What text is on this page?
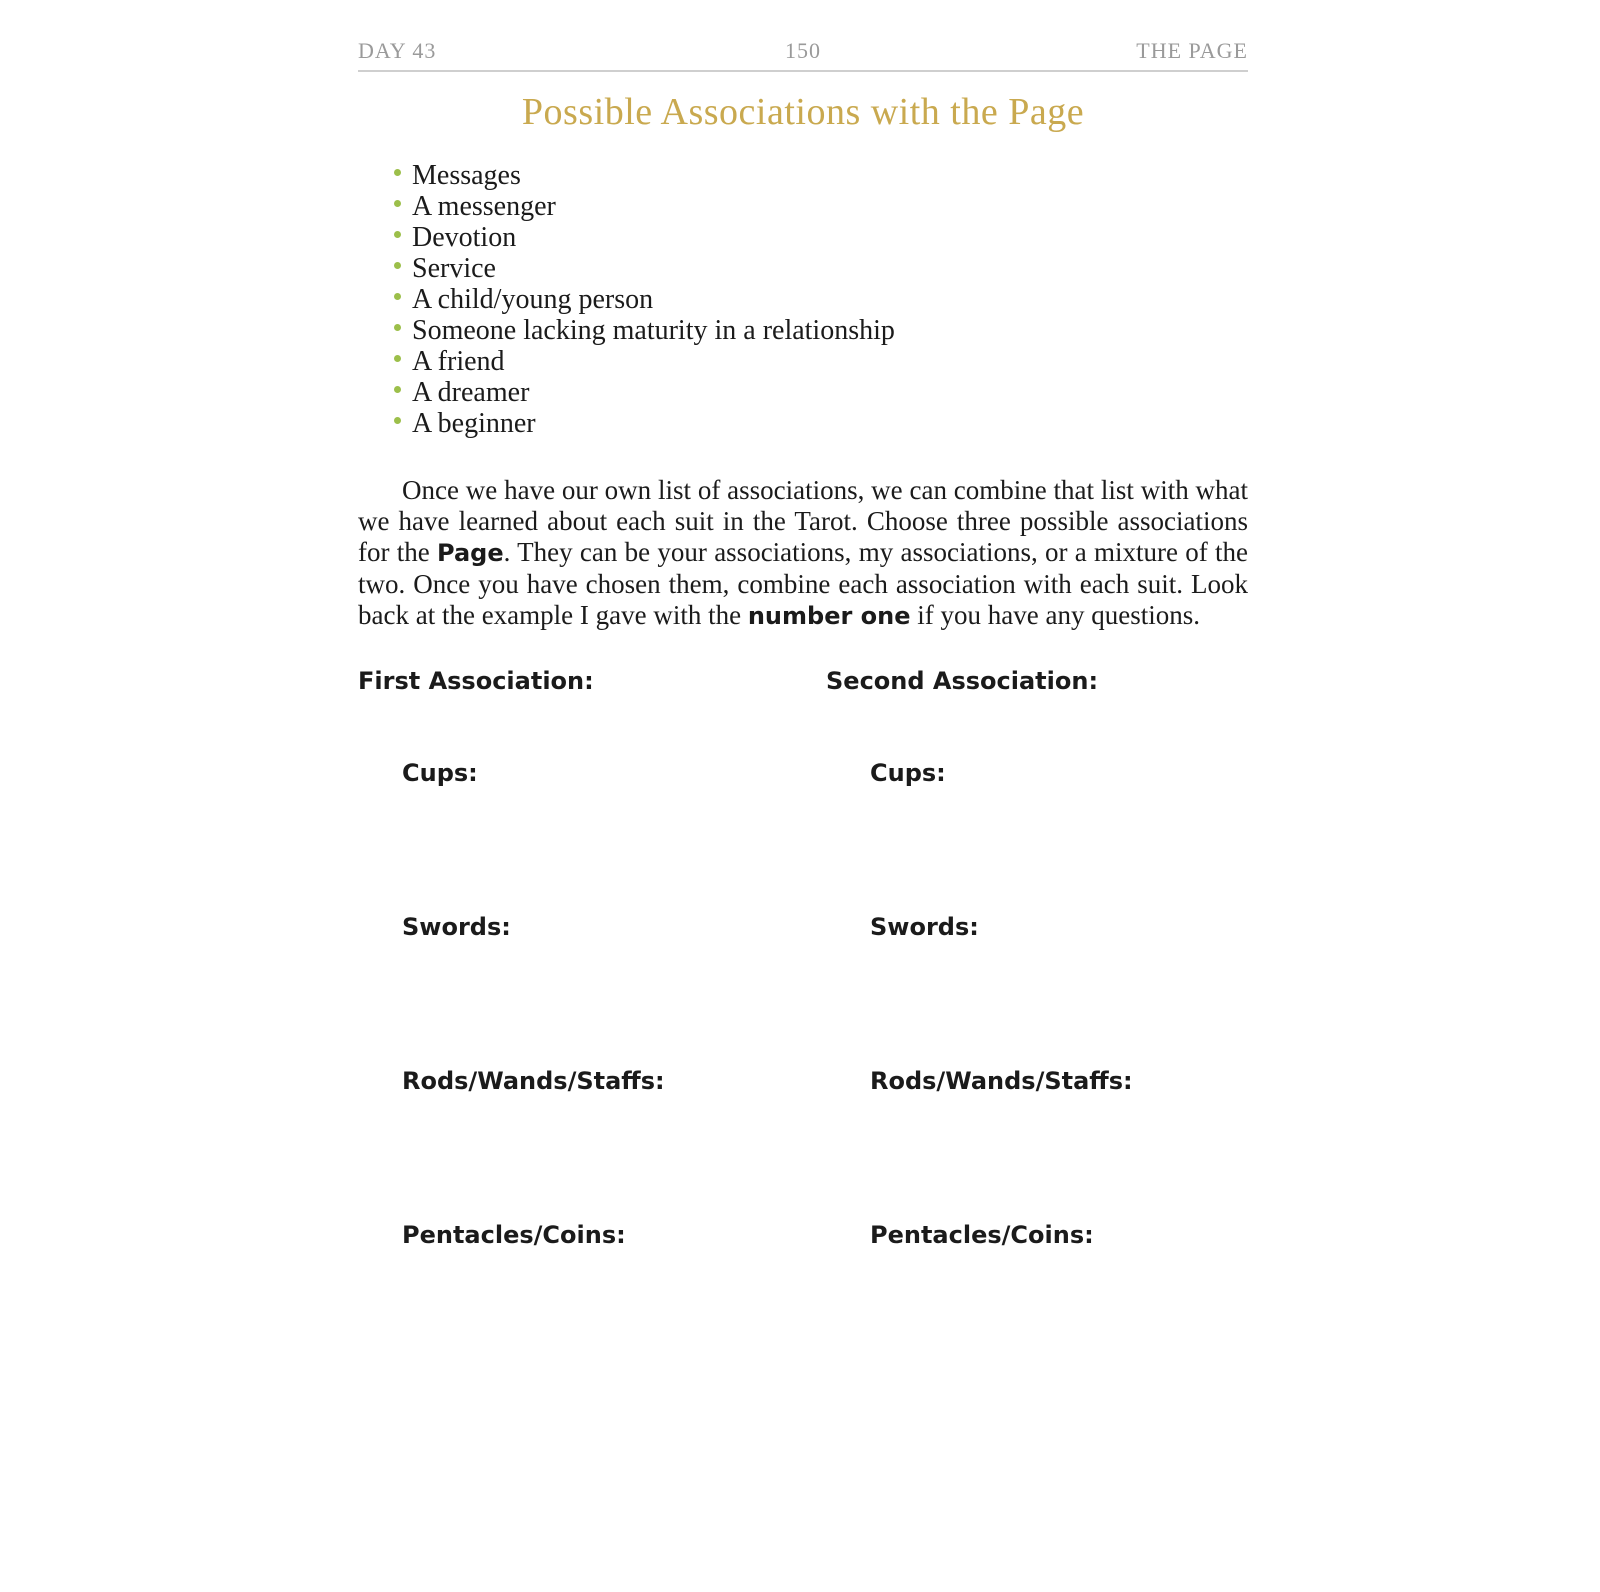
DAY 43	150	THE PAGE
Possible Associations with the Page
Messages
A messenger
Devotion
Service
A child/young person
Someone lacking maturity in a relationship
A friend
A dreamer
A beginner

Once we have our own list of associations, we can combine that list with what we have learned about each suit in the Tarot. Choose three possible associations for the Page. They can be your associations, my associations, or a mixture of the two. Once you have chosen them, combine each association with each suit. Look back at the example I gave with the number one if you have any questions.

First Association:
Cups:
Swords:
Rods/Wands/Staffs:
Pentacles/Coins:
Second Association:
Cups:
Swords:
Rods/Wands/Staffs:
Pentacles/Coins:
